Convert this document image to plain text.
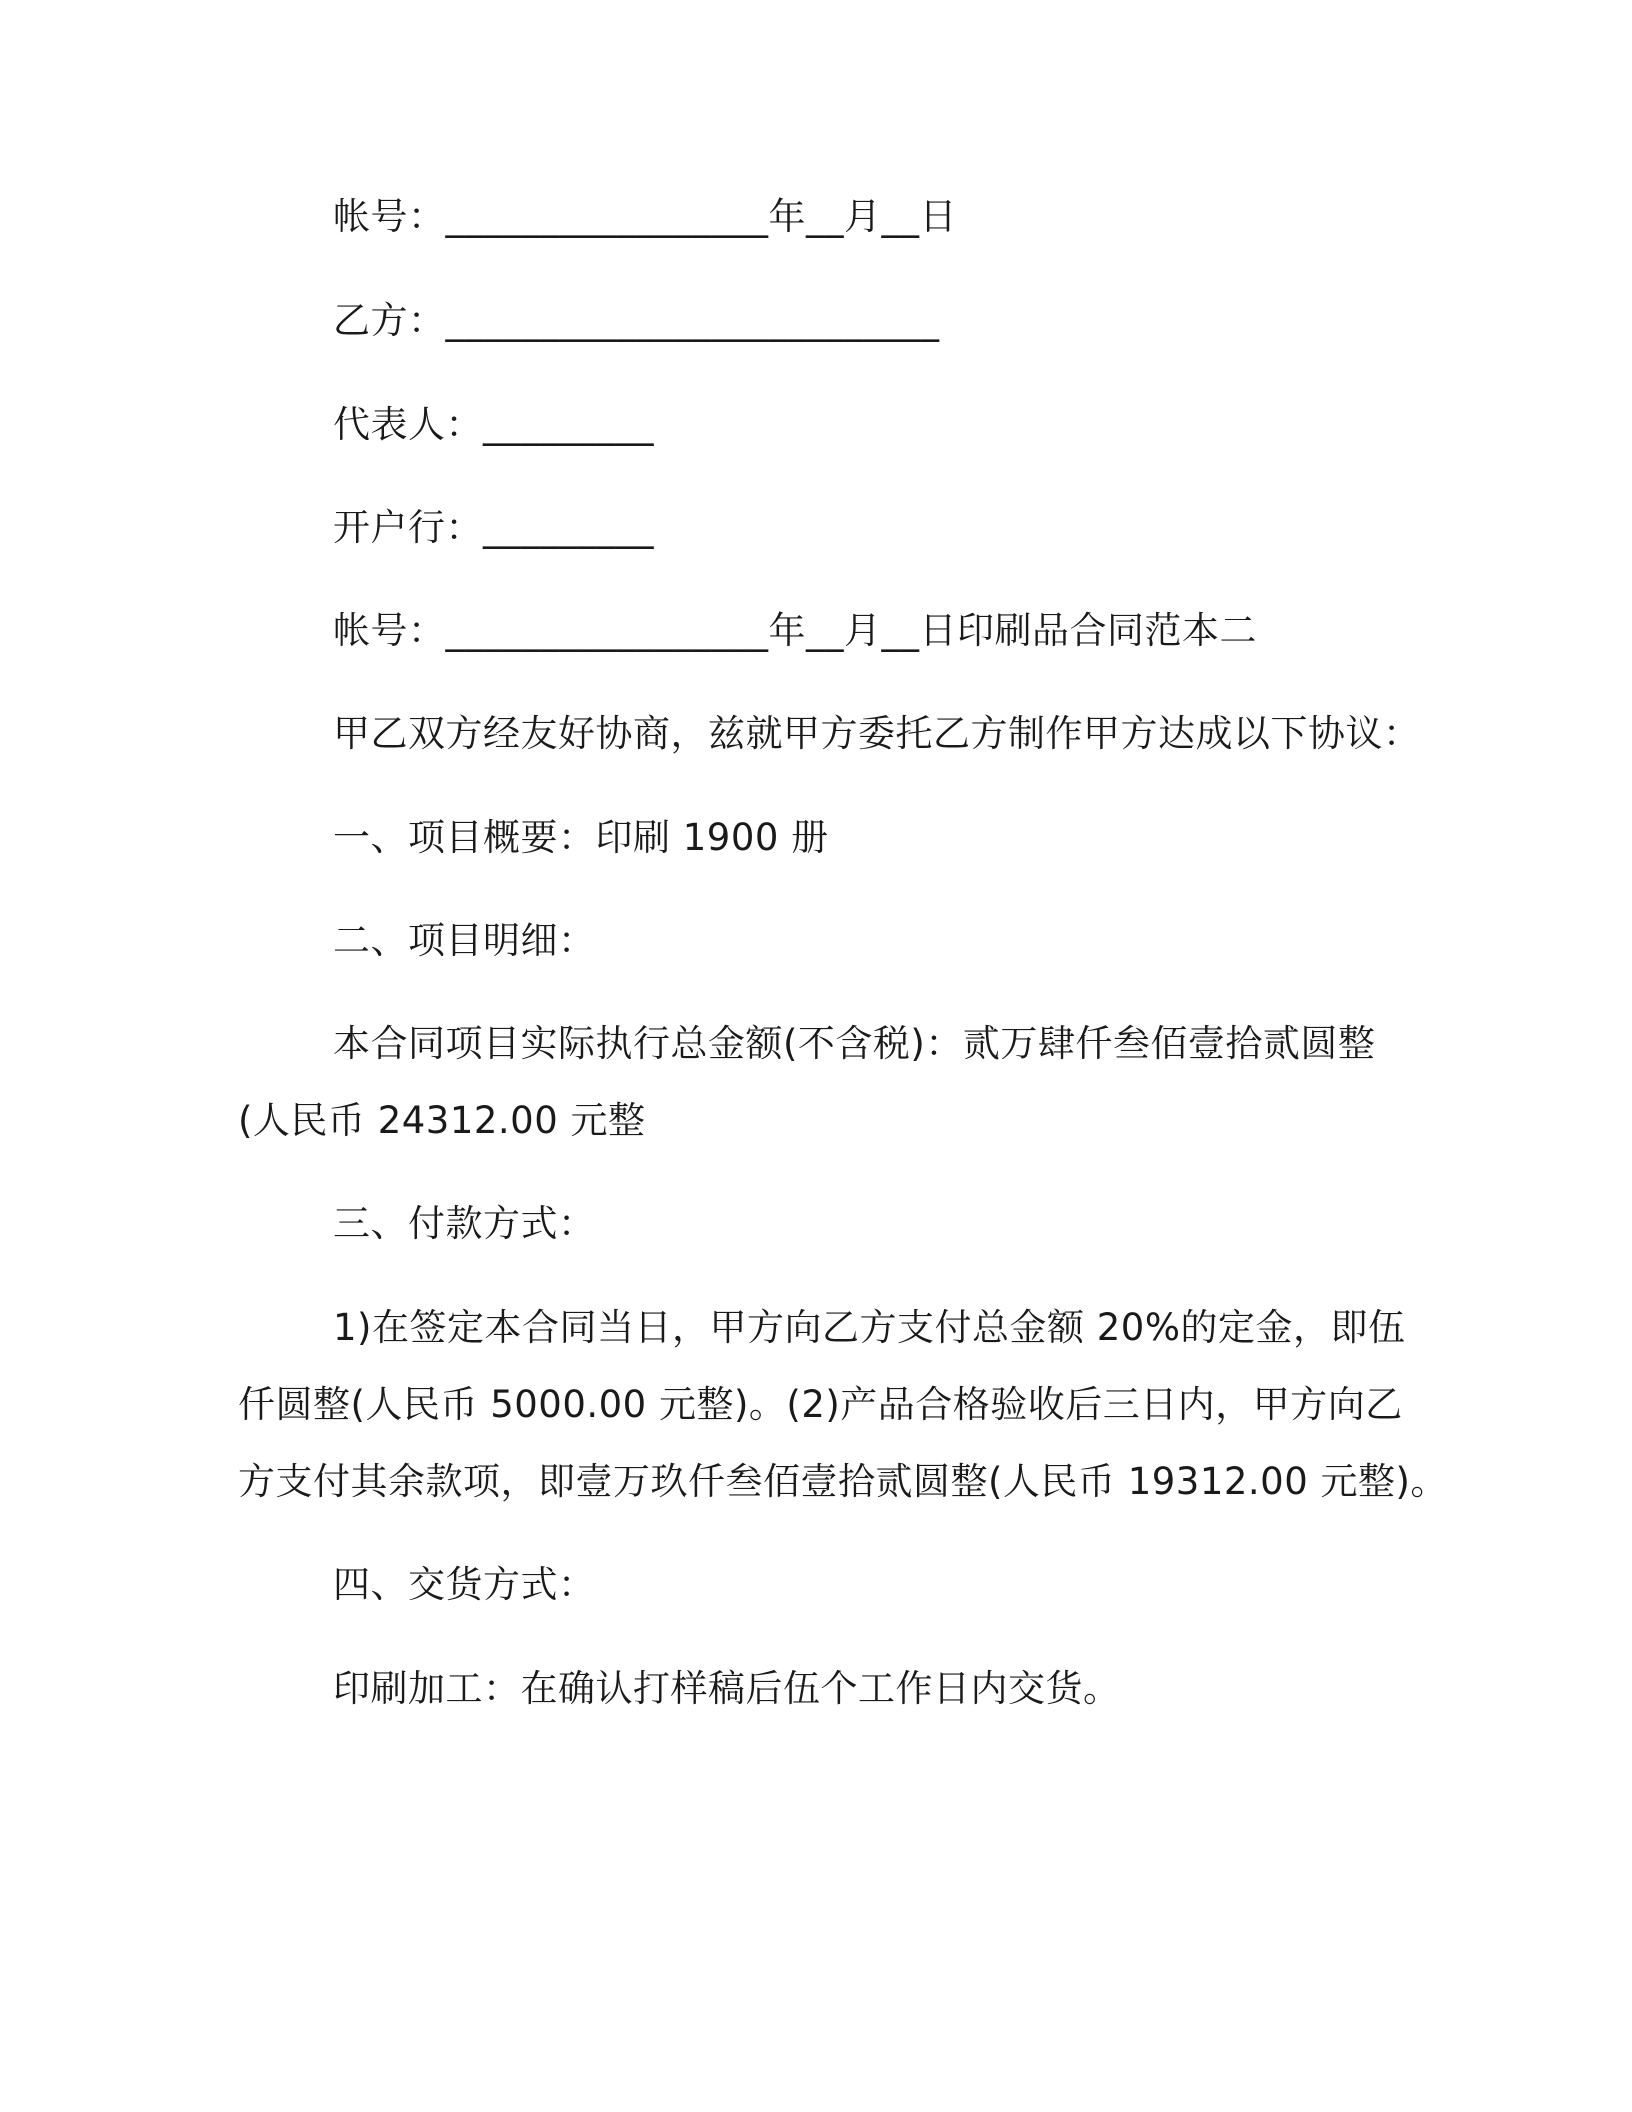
帐号：_________________年__月__日

乙方：__________________________

代表人：_________

开户行：_________

帐号：_________________年__月__日印刷品合同范本二

甲乙双方经友好协商，兹就甲方委托乙方制作甲方达成以下协议：

一、项目概要：印刷 1900 册

二、项目明细：

本合同项目实际执行总金额(不含税)：贰万肆仟叁佰壹拾贰圆整

(人民币 24312.00 元整

三、付款方式：

1)在签定本合同当日，甲方向乙方支付总金额 20%的定金，即伍

仟圆整(人民币 5000.00 元整)。(2)产品合格验收后三日内，甲方向乙

方支付其余款项，即壹万玖仟叁佰壹拾贰圆整(人民币 19312.00 元整)。

四、交货方式：

印刷加工：在确认打样稿后伍个工作日内交货。
